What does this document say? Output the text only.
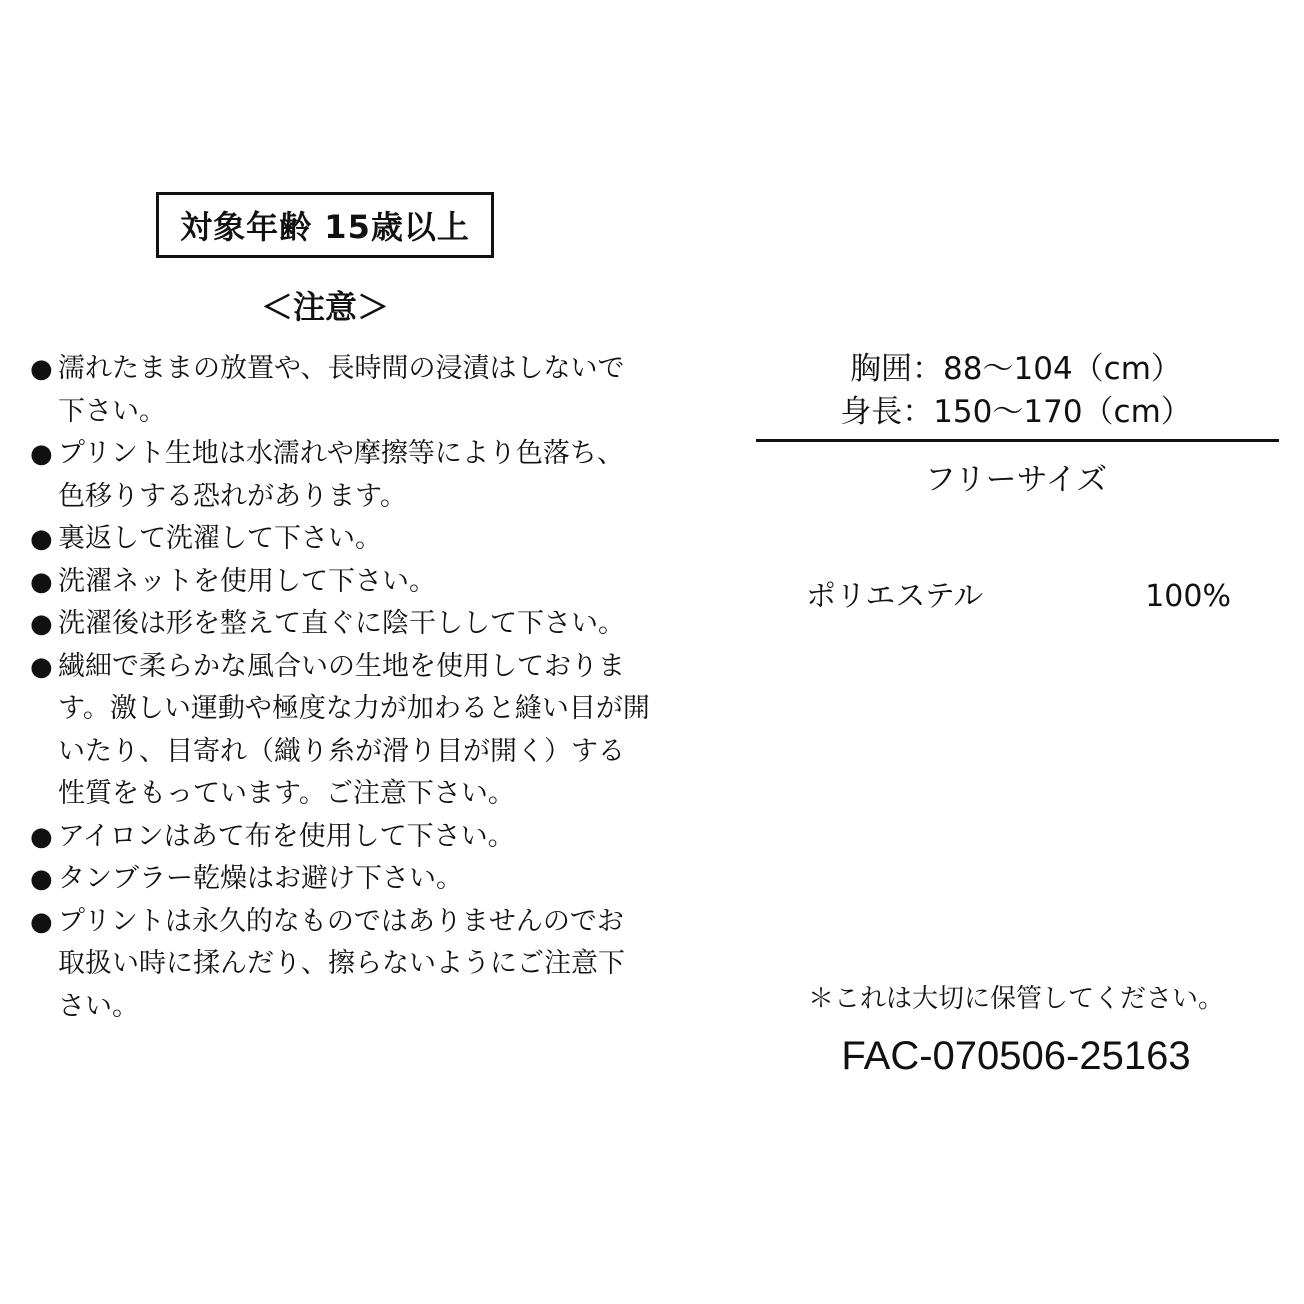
対象年齢 15歳以上
＜注意＞
● 濡れたままの放置や、長時間の浸漬はしないで下さい。
● プリント生地は水濡れや摩擦等により色落ち、色移りする恐れがあります。
● 裏返して洗濯して下さい。
● 洗濯ネットを使用して下さい。
● 洗濯後は形を整えて直ぐに陰干しして下さい。
● 繊細で柔らかな風合いの生地を使用しております。激しい運動や極度な力が加わると縫い目が開いたり、目寄れ（織り糸が滑り目が開く）する性質をもっています。ご注意下さい。
● アイロンはあて布を使用して下さい。
● タンブラー乾燥はお避け下さい。
● プリントは永久的なものではありませんのでお取扱い時に揉んだり、擦らないようにご注意下さい。
胸囲：88～104（cm）
身長：150～170（cm）
フリーサイズ
ポリエステル	100%
＊これは大切に保管してください。
FAC-070506-25163
